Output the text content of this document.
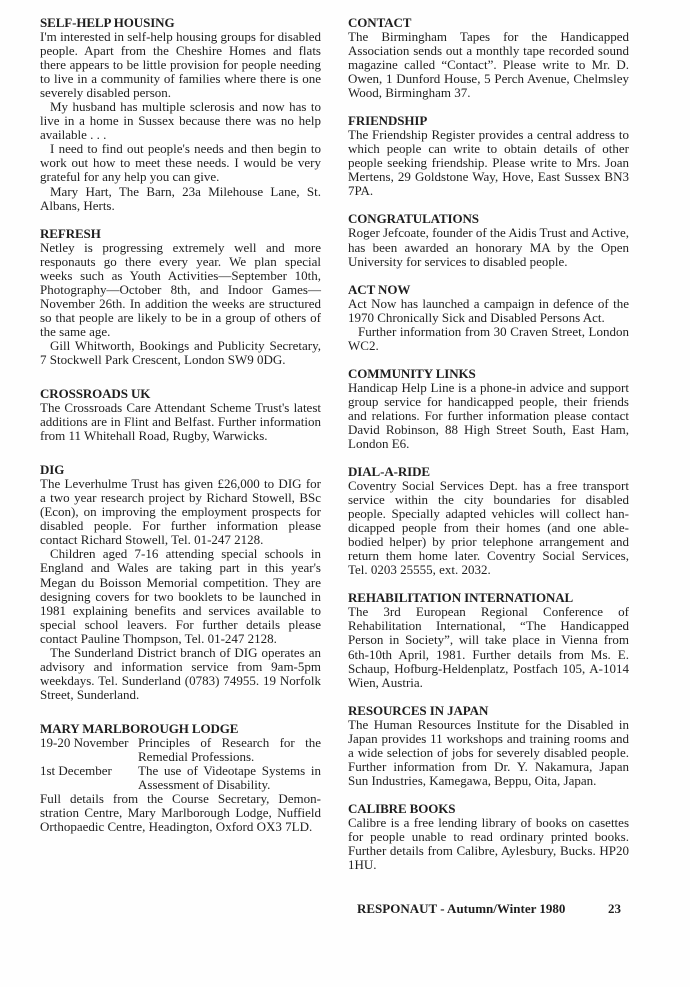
SELF-HELP HOUSING

I'm interested in self-help housing groups for disabled people. Apart from the Cheshire Homes and flats there appears to be little provision for people needing to live in a community of families where there is one severely disabled person.

My husband has multiple sclerosis and now has to live in a home in Sussex because there was no help available . . .

I need to find out people's needs and then begin to work out how to meet these needs. I would be very grateful for any help you can give.

Mary Hart, The Barn, 23a Milehouse Lane, St. Albans, Herts.

REFRESH

Netley is progressing extremely well and more responauts go there every year. We plan special weeks such as Youth Activities—September 10th, Photography—October 8th, and Indoor Games—November 26th. In addition the weeks are structured so that people are likely to be in a group of others of the same age.

Gill Whitworth, Bookings and Publicity Secretary, 7 Stockwell Park Crescent, London SW9 0DG.

CROSSROADS UK

The Crossroads Care Attendant Scheme Trust's latest additions are in Flint and Belfast. Further information from 11 Whitehall Road, Rugby, Warwicks.

DIG

The Leverhulme Trust has given £26,000 to DIG for a two year research project by Richard Stowell, BSc (Econ), on improving the employment prospects for disabled people. For further information please contact Richard Stowell, Tel. 01-247 2128.

Children aged 7-16 attending special schools in England and Wales are taking part in this year's Megan du Boisson Memorial competition. They are designing covers for two booklets to be launched in 1981 explaining benefits and services available to special school leavers. For further details please contact Pauline Thompson, Tel. 01-247 2128.

The Sunderland District branch of DIG operates an advisory and information service from 9am-5pm weekdays. Tel. Sunderland (0783) 74955. 19 Norfolk Street, Sunderland.

MARY MARLBOROUGH LODGE
19-20 November Principles of Research for the Remedial Professions.
1st December	The use of Videotape Systems in Assessment of Disability.

Full details from the Course Secretary, Demonstration Centre, Mary Marlborough Lodge, Nuffield Orthopaedic Centre, Headington, Oxford OX3 7LD.

CONTACT

The Birmingham Tapes for the Handicapped Association sends out a monthly tape recorded sound magazine called “Contact”. Please write to Mr. D. Owen, 1 Dunford House, 5 Perch Avenue, Chelmsley Wood, Birmingham 37.

FRIENDSHIP

The Friendship Register provides a central address to which people can write to obtain details of other people seeking friendship. Please write to Mrs. Joan Mertens, 29 Goldstone Way, Hove, East Sussex BN3 7PA.

CONGRATULATIONS

Roger Jefcoate, founder of the Aidis Trust and Active, has been awarded an honorary MA by the Open University for services to disabled people.

ACT NOW

Act Now has launched a campaign in defence of the 1970 Chronically Sick and Disabled Persons Act.

Further information from 30 Craven Street, London WC2.

COMMUNITY LINKS

Handicap Help Line is a phone-in advice and support group service for handicapped people, their friends and relations. For further information please contact David Robinson, 88 High Street South, East Ham, London E6.

DIAL-A-RIDE

Coventry Social Services Dept. has a free transport service within the city boundaries for disabled people. Specially adapted vehicles will collect handicapped people from their homes (and one able-bodied helper) by prior telephone arrangement and return them home later. Coventry Social Services, Tel. 0203 25555, ext. 2032.

REHABILITATION INTERNATIONAL

The 3rd European Regional Conference of Rehabilitation International, “The Handicapped Person in Society”, will take place in Vienna from 6th-10th April, 1981. Further details from Ms. E. Schaup, Hofburg-Heldenplatz, Postfach 105, A-1014 Wien, Austria.

RESOURCES IN JAPAN

The Human Resources Institute for the Disabled in Japan provides 11 workshops and training rooms and a wide selection of jobs for severely disabled people. Further information from Dr. Y. Nakamura, Japan Sun Industries, Kamegawa, Beppu, Oita, Japan.

CALIBRE BOOKS

Calibre is a free lending library of books on casettes for people unable to read ordinary printed books. Further details from Calibre, Aylesbury, Bucks. HP20 1HU.

RESPONAUT - Autumn/Winter 1980	23
